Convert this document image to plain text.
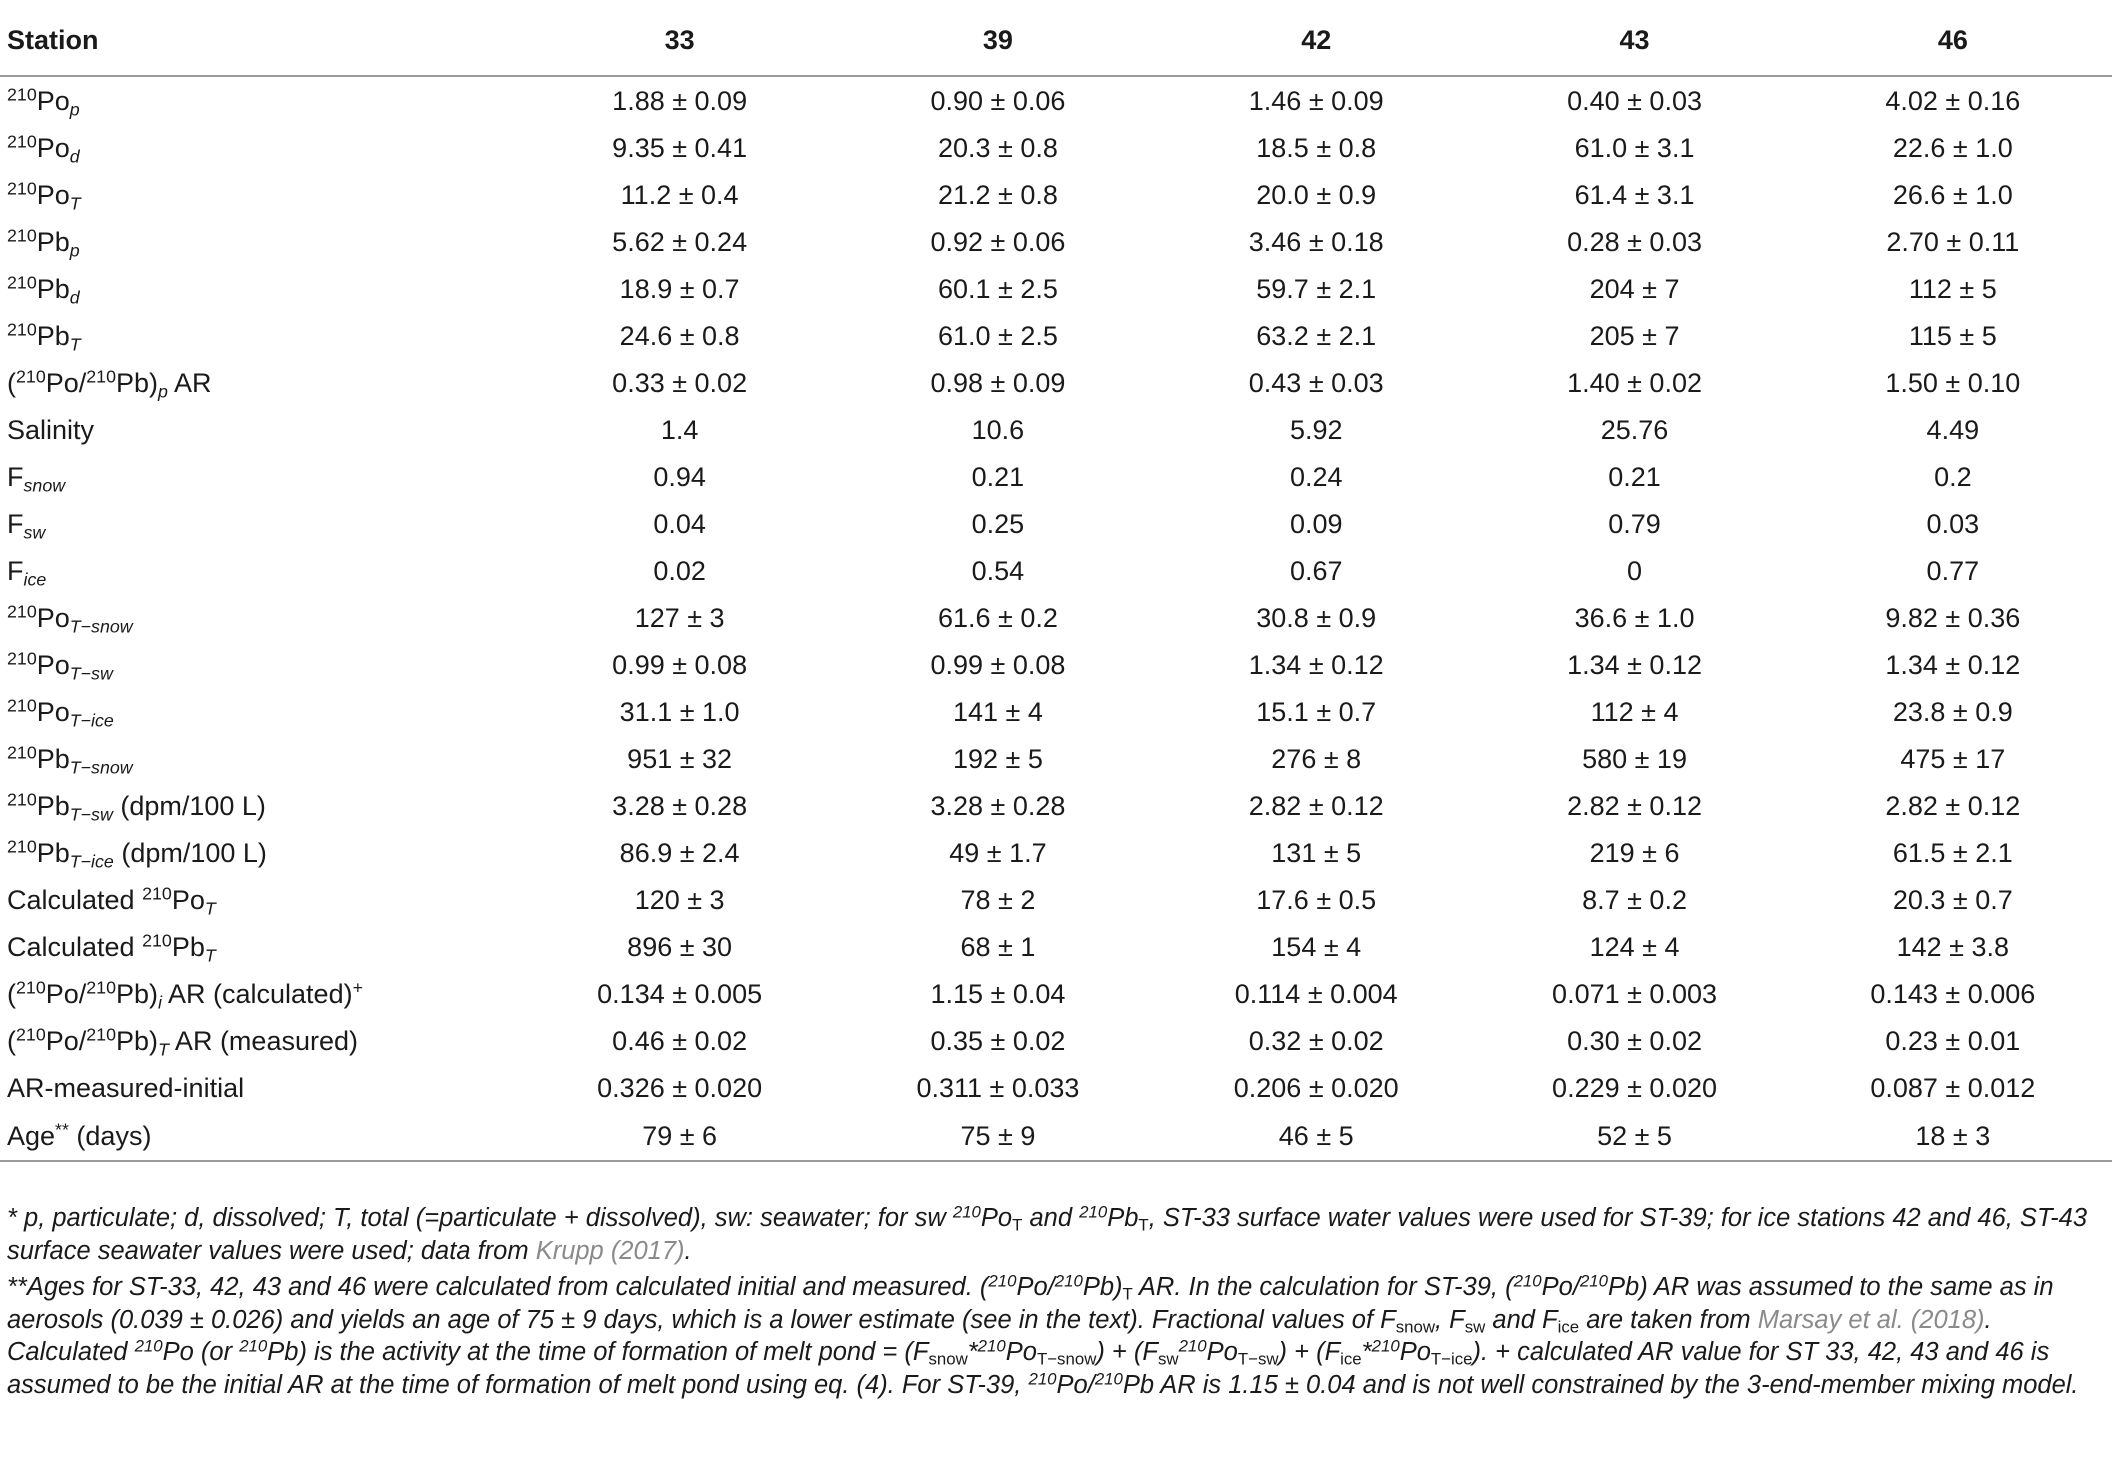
Station	33	39	42	43	46
$^{210}Po_p$	1.88 ± 0.09	0.90 ± 0.06	1.46 ± 0.09	0.40 ± 0.03	4.02 ± 0.16
$^{210}Po_d$	9.35 ± 0.41	20.3 ± 0.8	18.5 ± 0.8	61.0 ± 3.1	22.6 ± 1.0
$^{210}Po_T$	11.2 ± 0.4	21.2 ± 0.8	20.0 ± 0.9	61.4 ± 3.1	26.6 ± 1.0
$^{210}Pb_p$	5.62 ± 0.24	0.92 ± 0.06	3.46 ± 0.18	0.28 ± 0.03	2.70 ± 0.11
$^{210}Pb_d$	18.9 ± 0.7	60.1 ± 2.5	59.7 ± 2.1	204 ± 7	112 ± 5
$^{210}Pb_T$	24.6 ± 0.8	61.0 ± 2.5	63.2 ± 2.1	205 ± 7	115 ± 5
$(^{210}Po/^{210}Pb)_p$ AR	0.33 ± 0.02	0.98 ± 0.09	0.43 ± 0.03	1.40 ± 0.02	1.50 ± 0.10
Salinity	1.4	10.6	5.92	25.76	4.49
$F_{snow}$	0.94	0.21	0.24	0.21	0.2
$F_{sw}$	0.04	0.25	0.09	0.79	0.03
$F_{ice}$	0.02	0.54	0.67	0	0.77
$^{210}Po_{T-snow}$	127 ± 3	61.6 ± 0.2	30.8 ± 0.9	36.6 ± 1.0	9.82 ± 0.36
$^{210}Po_{T-sw}$	0.99 ± 0.08	0.99 ± 0.08	1.34 ± 0.12	1.34 ± 0.12	1.34 ± 0.12
$^{210}Po_{T-ice}$	31.1 ± 1.0	141 ± 4	15.1 ± 0.7	112 ± 4	23.8 ± 0.9
$^{210}Pb_{T-snow}$	951 ± 32	192 ± 5	276 ± 8	580 ± 19	475 ± 17
$^{210}Pb_{T-sw}$ (dpm/100 L)	3.28 ± 0.28	3.28 ± 0.28	2.82 ± 0.12	2.82 ± 0.12	2.82 ± 0.12
$^{210}Pb_{T-ice}$ (dpm/100 L)	86.9 ± 2.4	49 ± 1.7	131 ± 5	219 ± 6	61.5 ± 2.1
Calculated $^{210}Po_T$	120 ± 3	78 ± 2	17.6 ± 0.5	8.7 ± 0.2	20.3 ± 0.7
Calculated $^{210}Pb_T$	896 ± 30	68 ± 1	154 ± 4	124 ± 4	142 ± 3.8
$(^{210}Po/^{210}Pb)_i$ AR (calculated)+	0.134 ± 0.005	1.15 ± 0.04	0.114 ± 0.004	0.071 ± 0.003	0.143 ± 0.006
$(^{210}Po/^{210}Pb)_T$ AR (measured)	0.46 ± 0.02	0.35 ± 0.02	0.32 ± 0.02	0.30 ± 0.02	0.23 ± 0.01
AR-measured-initial	0.326 ± 0.020	0.311 ± 0.033	0.206 ± 0.020	0.229 ± 0.020	0.087 ± 0.012
Age** (days)	79 ± 6	75 ± 9	46 ± 5	52 ± 5	18 ± 3

* p, particulate; d, dissolved; T, total (=particulate + dissolved), sw: seawater; for sw $^{210}Po_T$ and $^{210}Pb_T$, ST-33 surface water values were used for ST-39; for ice stations 42 and 46, ST-43 surface seawater values were used; data from Krupp (2017).

**Ages for ST-33, 42, 43 and 46 were calculated from calculated initial and measured. $(^{210}Po/^{210}Pb)_T$ AR. In the calculation for ST-39, ($^{210}$Po/$^{210}$Pb) AR was assumed to the same as in aerosols (0.039 ± 0.026) and yields an age of 75 ± 9 days, which is a lower estimate (see in the text). Fractional values of $F_{snow}$, $F_{sw}$ and $F_{ice}$ are taken from Marsay et al. (2018). Calculated $^{210}$Po (or $^{210}$Pb) is the activity at the time of formation of melt pond = $(F_{snow}*^{210}Po_{T-snow}) + (F_{sw}^{210}Po_{T-sw}) + (F_{ice}*^{210}Po_{T-ice})$. + calculated AR value for ST 33, 42, 43 and 46 is assumed to be the initial AR at the time of formation of melt pond using eq. (4). For ST-39, $^{210}$Po/$^{210}$Pb AR is 1.15 ± 0.04 and is not well constrained by the 3-end-member mixing model.
